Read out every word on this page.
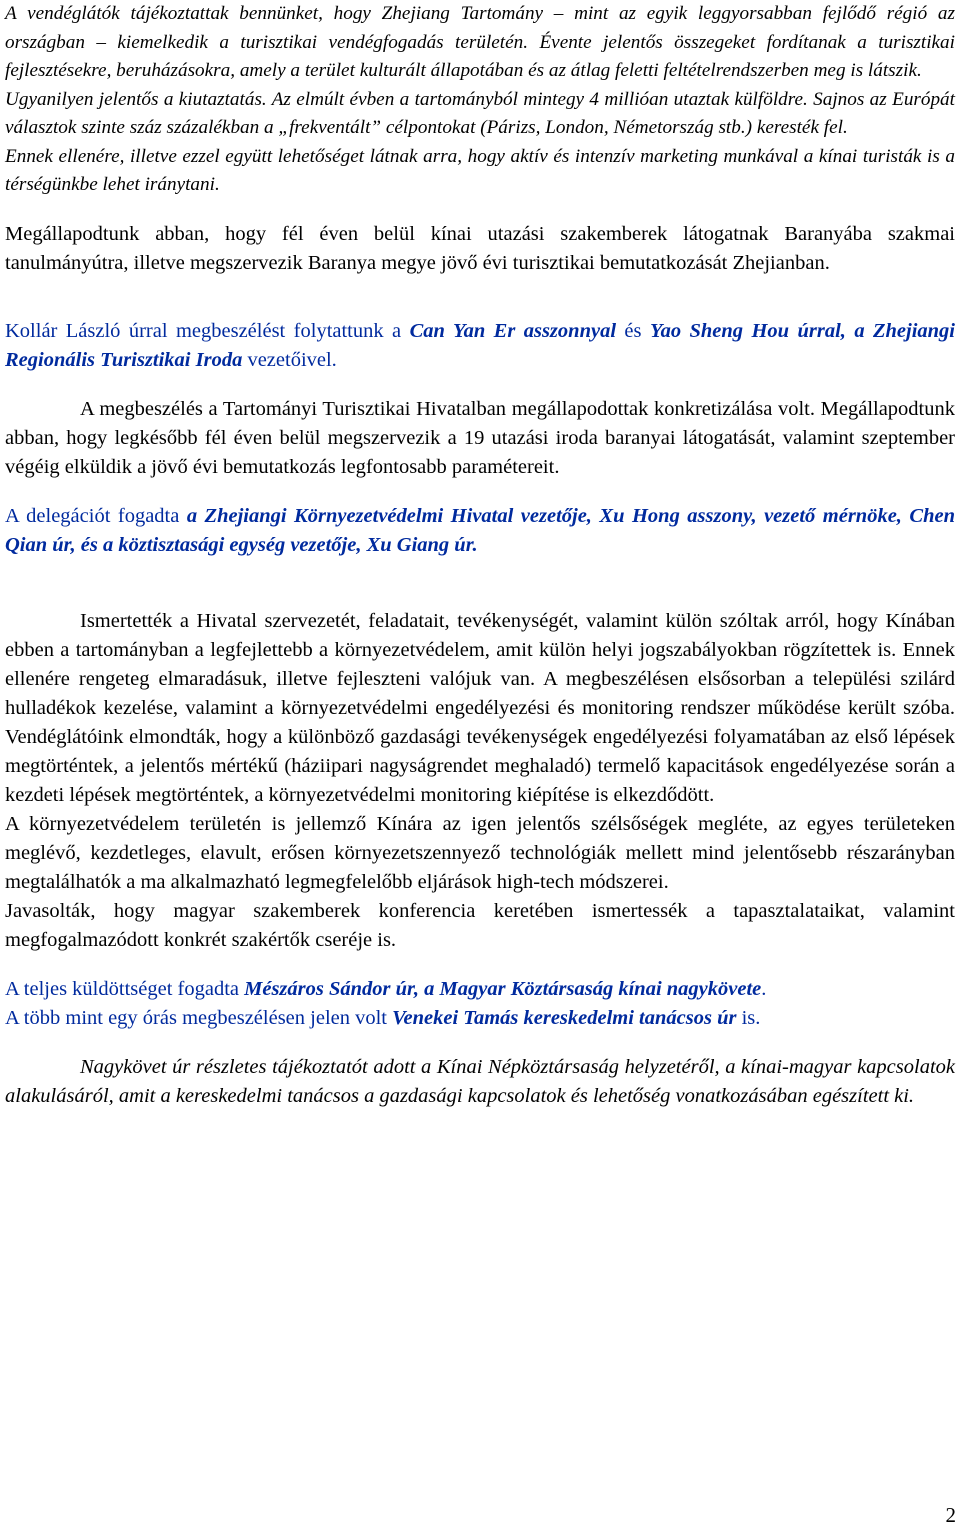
A vendéglátók tájékoztattak bennünket, hogy Zhejiang Tartomány – mint az egyik leggyorsabban fejlődő régió az országban – kiemelkedik a turisztikai vendégfogadás területén. Évente jelentős összegeket fordítanak a turisztikai fejlesztésekre, beruházásokra, amely a terület kulturált állapotában és az átlag feletti feltételrendszerben meg is látszik.
Ugyanilyen jelentős a kiutaztatás. Az elmúlt évben a tartományból mintegy 4 millióan utaztak külföldre. Sajnos az Európát választok szinte száz százalékban a „frekventált” célpontokat (Párizs, London, Németország stb.) keresték fel.
Ennek ellenére, illetve ezzel együtt lehetőséget látnak arra, hogy aktív és intenzív marketing munkával a kínai turisták is a térségünkbe lehet iránytani.

Megállapodtunk abban, hogy fél éven belül kínai utazási szakemberek látogatnak Baranyába szakmai tanulmányútra, illetve megszervezik Baranya megye jövő évi turisztikai bemutatkozását Zhejianban.

Kollár László úrral megbeszélést folytattunk a Can Yan Er asszonnyal és Yao Sheng Hou úrral, a Zhejiangi Regionális Turisztikai Iroda vezetőivel.

A megbeszélés a Tartományi Turisztikai Hivatalban megállapodottak konkretizálása volt. Megállapodtunk abban, hogy legkésőbb fél éven belül megszervezik a 19 utazási iroda baranyai látogatását, valamint szeptember végéig elküldik a jövő évi bemutatkozás legfontosabb paramétereit.

A delegációt fogadta a Zhejiangi Környezetvédelmi Hivatal vezetője, Xu Hong asszony, vezető mérnöke, Chen Qian úr, és a köztisztasági egység vezetője, Xu Giang úr.

Ismertették a Hivatal szervezetét, feladatait, tevékenységét, valamint külön szóltak arról, hogy Kínában ebben a tartományban a legfejlettebb a környezetvédelem, amit külön helyi jogszabályokban rögzítettek is. Ennek ellenére rengeteg elmaradásuk, illetve fejleszteni valójuk van. A megbeszélésen elsősorban a települési szilárd hulladékok kezelése, valamint a környezetvédelmi engedélyezési és monitoring rendszer működése került szóba. Vendéglátóink elmondták, hogy a különböző gazdasági tevékenységek engedélyezési folyamatában az első lépések megtörténtek, a jelentős mértékű (háziipari nagyságrendet meghaladó) termelő kapacitások engedélyezése során a kezdeti lépések megtörténtek, a környezetvédelmi monitoring kiépítése is elkezdődött.

A környezetvédelem területén is jellemző Kínára az igen jelentős szélsőségek megléte, az egyes területeken meglévő, kezdetleges, elavult, erősen környezetszennyező technológiák mellett mind jelentősebb részarányban megtalálhatók a ma alkalmazható legmegfelelőbb eljárások high-tech módszerei.

Javasolták, hogy magyar szakemberek konferencia keretében ismertessék a tapasztalataikat, valamint megfogalmazódott konkrét szakértők cseréje is.

A teljes küldöttséget fogadta Mészáros Sándor úr, a Magyar Köztársaság kínai nagykövete.
A több mint egy órás megbeszélésen jelen volt Venekei Tamás kereskedelmi tanácsos úr is.

Nagykövet úr részletes tájékoztatót adott a Kínai Népköztársaság helyzetéről, a kínai-magyar kapcsolatok alakulásáról, amit a kereskedelmi tanácsos a gazdasági kapcsolatok és lehetőség vonatkozásában egészített ki.

2
